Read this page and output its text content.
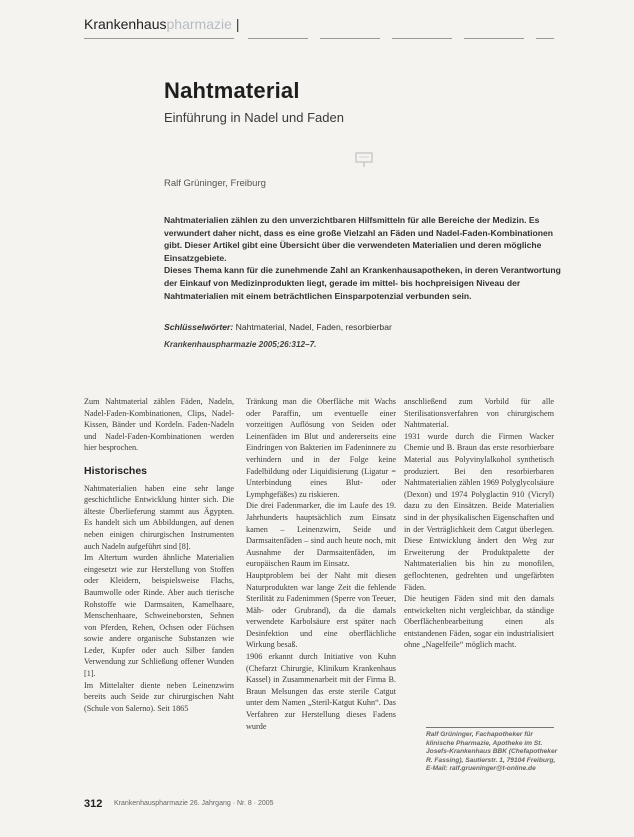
Krankenhauspharmazie |
Nahtmaterial
Einführung in Nadel und Faden
Ralf Grüninger, Freiburg

Nahtmaterialien zählen zu den unverzichtbaren Hilfsmitteln für alle Bereiche der Medizin. Es verwundert daher nicht, dass es eine große Vielzahl an Fäden und Nadel-Faden-Kombinationen gibt. Dieser Artikel gibt eine Übersicht über die verwendeten Materialien und deren mögliche Einsatzgebiete.

Dieses Thema kann für die zunehmende Zahl an Krankenhausapotheken, in deren Verantwortung der Einkauf von Medizinprodukten liegt, gerade im mittel- bis hochpreisigen Niveau der Nahtmaterialien mit einem beträchtlichen Einsparpotenzial verbunden sein.

Schlüsselwörter: Nahtmaterial, Nadel, Faden, resorbierbar
Krankenhauspharmazie 2005;26:312–7.

Zum Nahtmaterial zählen Fäden, Nadeln, Nadel-Faden-Kombinationen, Clips, Nadel-Kissen, Bänder und Kordeln. Faden-Nadeln und Nadel-Faden-Kombinationen werden hier besprochen.

Historisches

Nahtmaterialien haben eine sehr lange geschichtliche Entwicklung hinter sich. Die älteste Überlieferung stammt aus Ägypten. Es handelt sich um Abbildungen, auf denen neben einigen chirurgischen Instrumenten auch Nadeln aufgeführt sind [8].

Im Altertum wurden ähnliche Materialien eingesetzt wie zur Herstellung von Stoffen oder Kleidern, beispielsweise Flachs, Baumwolle oder Rinde. Aber auch tierische Rohstoffe wie Darmsaiten, Kamelhaare, Menschenhaare, Schweineborsten, Sehnen von Pferden, Rehen, Ochsen oder Füchsen sowie andere organische Substanzen wie Leder, Kupfer oder auch Silber fanden Verwendung zur Schließung offener Wunden [1].

Im Mittelalter diente neben Leinenzwirn bereits auch Seide zur chirurgischen Naht (Schule von Salerno). Seit 1865

Tränkung man die Oberfläche mit Wachs oder Paraffin, um eventuelle einer vorzeitigen Auflösung von Seiden oder Leinenfäden im Blut und andererseits eine Eindringen von Bakterien im Fadeninnere zu verhindern und in der Folge keine Fadelbildung oder Liquidisierung (Ligatur = Unterbindung eines Blut- oder Lymphgefäßes) zu riskieren.

Die drei Fadenmarker, die im Laufe des 19. Jahrhunderts hauptsächlich zum Einsatz kamen – Leinenzwirn, Seide und Darmsaitenfäden – sind auch heute noch, mit Ausnahme der Darmsaitenfäden, im europäischen Raum im Einsatz.

Hauptproblem bei der Naht mit diesen Naturprodukten war lange Zeit die fehlende Sterilität zu Fadenimmen (Sperre von Teeuer, Mäh- oder Grubrand), da die damals verwendete Karbolsäure erst später nach Desinfektion und eine oberflächliche Wirkung besaß.

1906 erkannt durch Initiative von Kuhn (Chefarzt Chirurgie, Klinikum Krankenhaus Kassel) in Zusammenarbeit mit der Firma B. Braun Melsungen das erste sterile Catgut unter dem Namen „Steril-Katgut Kuhn“. Das Verfahren zur Herstellung dieses Fadens wurde

anschließend zum Vorbild für alle Sterilisationsverfahren von chirurgischem Nahtmaterial.

1931 wurde durch die Firmen Wacker Chemie und B. Braun das erste resorbierbare Material aus Polyvinylalkohol synthetisch produziert. Bei den resorbierbaren Nahtmaterialien zählen 1969 Polyglycolsäure (Dexon) und 1974 Polyglactin 910 (Vicryl) dazu zu den Einsätzen. Beide Materialien sind in der physikalischen Eigenschaften und in der Verträglichkeit dem Catgut überlegen. Diese Entwicklung ändert den Weg zur Erweiterung der Produktpalette der Nahtmaterialien bis hin zu monofilen, geflochtenen, gedrehten und ungefärbten Fäden.

Die heutigen Fäden sind mit den damals entwickelten nicht vergleichbar, da ständige Oberflächenbearbeitung einen als entstandenen Fäden, sogar ein industrialisiert ohne „Nagelfeile“ möglich macht.

Ralf Grüninger, Fachapotheker für klinische Pharmazie, Apotheke im St. Josefs-Krankenhaus BBK (Chefapotheker R. Fassing), Sautierstr. 1, 79104 Freiburg, E-Mail: ralf.grueninger@t-online.de
312 Krankenhauspharmazie 26. Jahrgang · Nr. 8 · 2005
